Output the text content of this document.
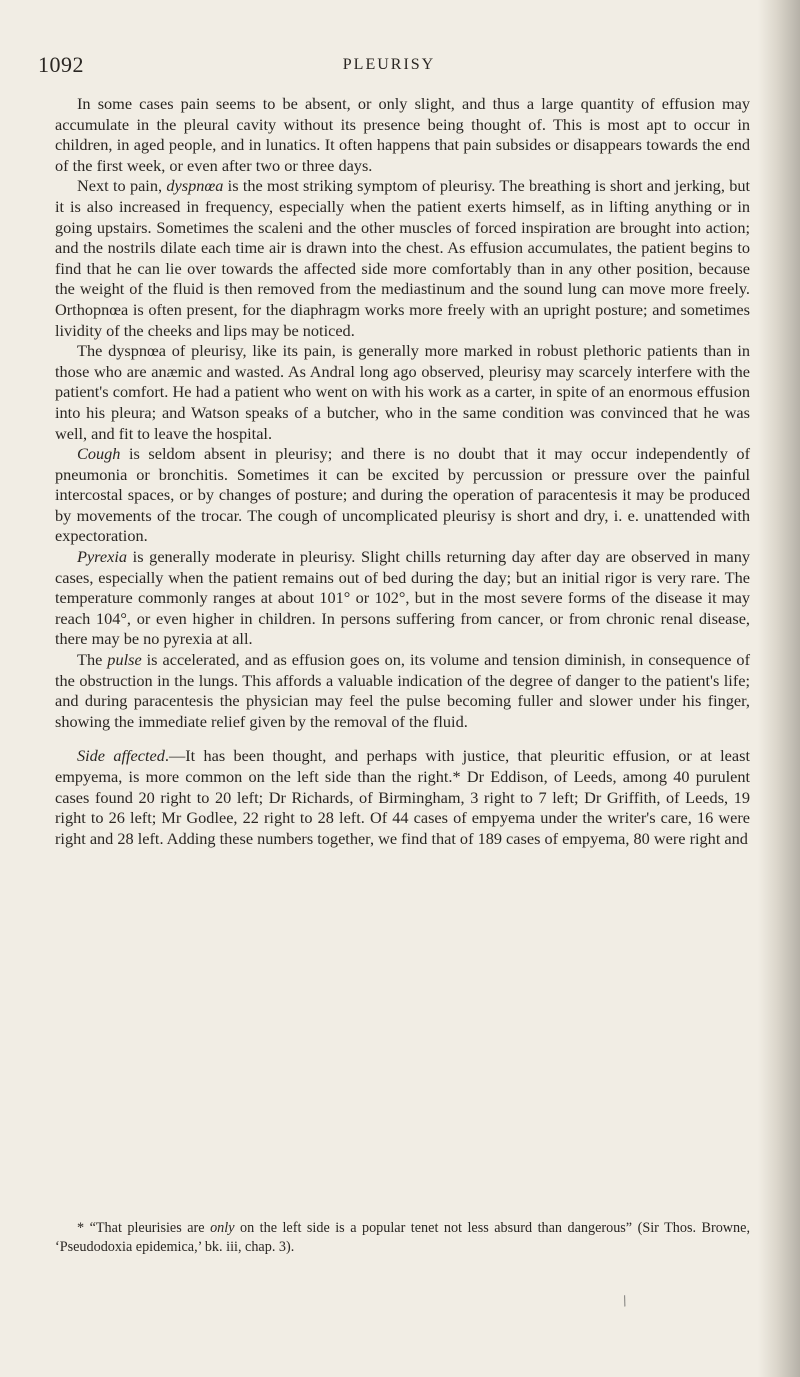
1092	PLEURISY

In some cases pain seems to be absent, or only slight, and thus a large quantity of effusion may accumulate in the pleural cavity without its presence being thought of. This is most apt to occur in children, in aged people, and in lunatics. It often happens that pain subsides or disappears towards the end of the first week, or even after two or three days.

Next to pain, dyspnœa is the most striking symptom of pleurisy. The breathing is short and jerking, but it is also increased in frequency, especially when the patient exerts himself, as in lifting anything or in going upstairs. Sometimes the scaleni and the other muscles of forced inspiration are brought into action; and the nostrils dilate each time air is drawn into the chest. As effusion accumulates, the patient begins to find that he can lie over towards the affected side more comfortably than in any other position, because the weight of the fluid is then removed from the mediastinum and the sound lung can move more freely. Orthopnœa is often present, for the diaphragm works more freely with an upright posture; and sometimes lividity of the cheeks and lips may be noticed.

The dyspnœa of pleurisy, like its pain, is generally more marked in robust plethoric patients than in those who are anæmic and wasted. As Andral long ago observed, pleurisy may scarcely interfere with the patient's comfort. He had a patient who went on with his work as a carter, in spite of an enormous effusion into his pleura; and Watson speaks of a butcher, who in the same condition was convinced that he was well, and fit to leave the hospital.

Cough is seldom absent in pleurisy; and there is no doubt that it may occur independently of pneumonia or bronchitis. Sometimes it can be excited by percussion or pressure over the painful intercostal spaces, or by changes of posture; and during the operation of paracentesis it may be produced by movements of the trocar. The cough of uncomplicated pleurisy is short and dry, i. e. unattended with expectoration.

Pyrexia is generally moderate in pleurisy. Slight chills returning day after day are observed in many cases, especially when the patient remains out of bed during the day; but an initial rigor is very rare. The temperature commonly ranges at about 101° or 102°, but in the most severe forms of the disease it may reach 104°, or even higher in children. In persons suffering from cancer, or from chronic renal disease, there may be no pyrexia at all.

The pulse is accelerated, and as effusion goes on, its volume and tension diminish, in consequence of the obstruction in the lungs. This affords a valuable indication of the degree of danger to the patient's life; and during paracentesis the physician may feel the pulse becoming fuller and slower under his finger, showing the immediate relief given by the removal of the fluid.

Side affected.—It has been thought, and perhaps with justice, that pleuritic effusion, or at least empyema, is more common on the left side than the right.* Dr Eddison, of Leeds, among 40 purulent cases found 20 right to 20 left; Dr Richards, of Birmingham, 3 right to 7 left; Dr Griffith, of Leeds, 19 right to 26 left; Mr Godlee, 22 right to 28 left. Of 44 cases of empyema under the writer's care, 16 were right and 28 left. Adding these numbers together, we find that of 189 cases of empyema, 80 were right and

* “That pleurisies are only on the left side is a popular tenet not less absurd than dangerous” (Sir Thos. Browne, ‘Pseudodoxia epidemica,’ bk. iii, chap. 3).

/
